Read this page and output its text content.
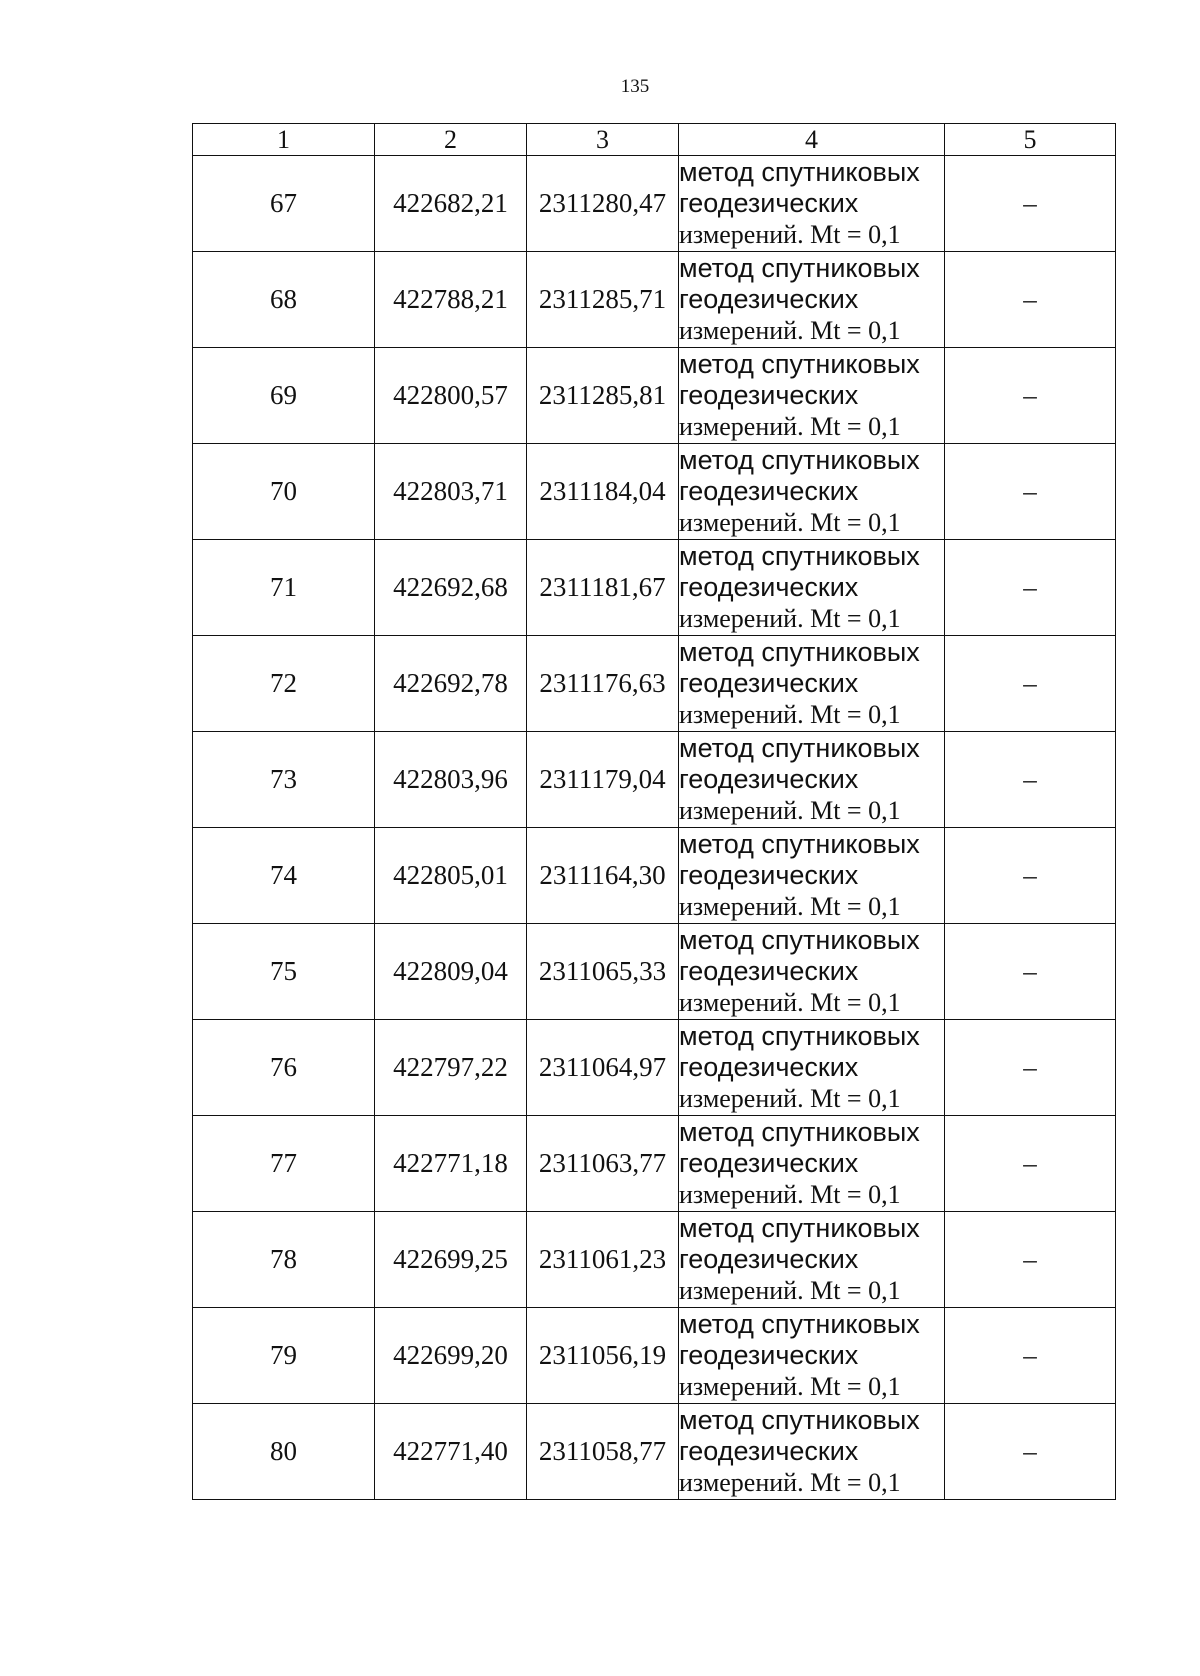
135
1	2	3	4	5
67	422682,21	2311280,47	метод спутниковых
геодезических
измерений. Mt = 0,1	–
68	422788,21	2311285,71	метод спутниковых
геодезических
измерений. Mt = 0,1	–
69	422800,57	2311285,81	метод спутниковых
геодезических
измерений. Mt = 0,1	–
70	422803,71	2311184,04	метод спутниковых
геодезических
измерений. Mt = 0,1	–
71	422692,68	2311181,67	метод спутниковых
геодезических
измерений. Mt = 0,1	–
72	422692,78	2311176,63	метод спутниковых
геодезических
измерений. Mt = 0,1	–
73	422803,96	2311179,04	метод спутниковых
геодезических
измерений. Mt = 0,1	–
74	422805,01	2311164,30	метод спутниковых
геодезических
измерений. Mt = 0,1	–
75	422809,04	2311065,33	метод спутниковых
геодезических
измерений. Mt = 0,1	–
76	422797,22	2311064,97	метод спутниковых
геодезических
измерений. Mt = 0,1	–
77	422771,18	2311063,77	метод спутниковых
геодезических
измерений. Mt = 0,1	–
78	422699,25	2311061,23	метод спутниковых
геодезических
измерений. Mt = 0,1	–
79	422699,20	2311056,19	метод спутниковых
геодезических
измерений. Mt = 0,1	–
80	422771,40	2311058,77	метод спутниковых
геодезических
измерений. Mt = 0,1	–
